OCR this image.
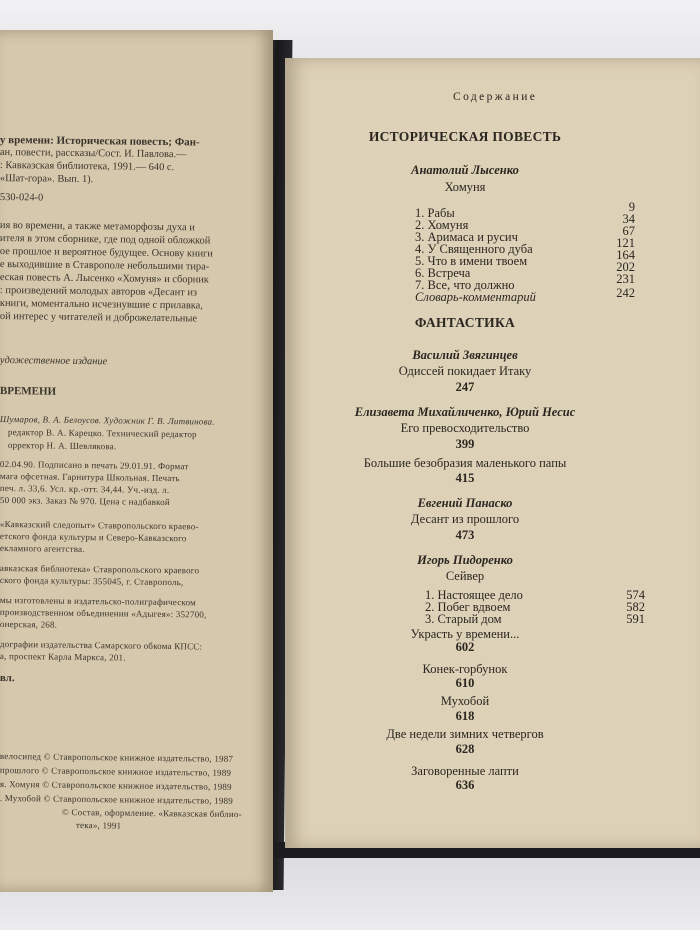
у времени: Историческая повесть; Фан-
ан, повести, рассказы/Сост. И. Павлова.—
: Кавказская библиотека, 1991.— 640 с.
«Шат-гора». Вып. 1).
530-024-0
ия во времени, а также метаморфозы духа и
ителя в этом сборнике, где под одной обложкой
ое прошлое и вероятное будущее. Основу книги
е выходившие в Ставрополе небольшими тира-
еская повесть А. Лысенко «Хомуня» и сборник
: произведений молодых авторов «Десант из
книги, моментально исчезнувшие с прилавка,
ой интерес у читателей и доброжелательные
удожественное издание
ВРЕМЕНИ
Шумаров, В. А. Белоусов. Художник Г. В. Литвинова.
редактор В. А. Карецко. Технический редактор
орректор Н. А. Шевлякова.
02.04.90. Подписано в печать 29.01.91. Формат
мага офсетная. Гарнитура Школьная. Печать
печ. л. 33,6. Усл. кр.-отт. 34,44. Уч.-изд. л.
50 000 экз. Заказ № 970. Цена с надбавкой
«Кавказский следопыт» Ставропольского краево-
етского фонда культуры и Северо-Кавказского
екламного агентства.
авказская библиотека» Ставропольского краевого
ского фонда культуры: 355045, г. Ставрополь,
мы изготовлены в издательско-полиграфическом
производственном объединении «Адыгея»: 352700,
онерская, 268.
дографии издательства Самарского обкома КПСС:
а, проспект Карла Маркса, 201.
вл.
велосипед © Ставропольское книжное издательство, 1987
прошлого © Ставропольское книжное издательство, 1989
я. Хомуня © Ставропольское книжное издательство, 1989
. Мухобой © Ставропольское книжное издательство, 1989
© Состав, оформление. «Кавказская библио-
тека», 1991
Содержание
ИСТОРИЧЕСКАЯ ПОВЕСТЬ
Анатолий Лысенко
Хомуня
1. Рабы	9
2. Хомуня	34
3. Аримаса и русич	67
4. У Священного дуба	121
5. Что в имени твоем	164
6. Встреча	202
7. Все, что должно	231
Словарь-комментарий	242
ФАНТАСТИКА
Василий Звягинцев
Одиссей покидает Итаку
247
Елизавета Михайличенко, Юрий Несис
Его превосходительство
399
Большие безобразия маленького папы
415
Евгений Панаско
Десант из прошлого
473
Игорь Пидоренко
Сейвер
1. Настоящее дело	574
2. Побег вдвоем	582
3. Старый дом	591
Украсть у времени...
602
Конек-горбунок
610
Мухобой
618
Две недели зимних четвергов
628
Заговоренные лапти
636
